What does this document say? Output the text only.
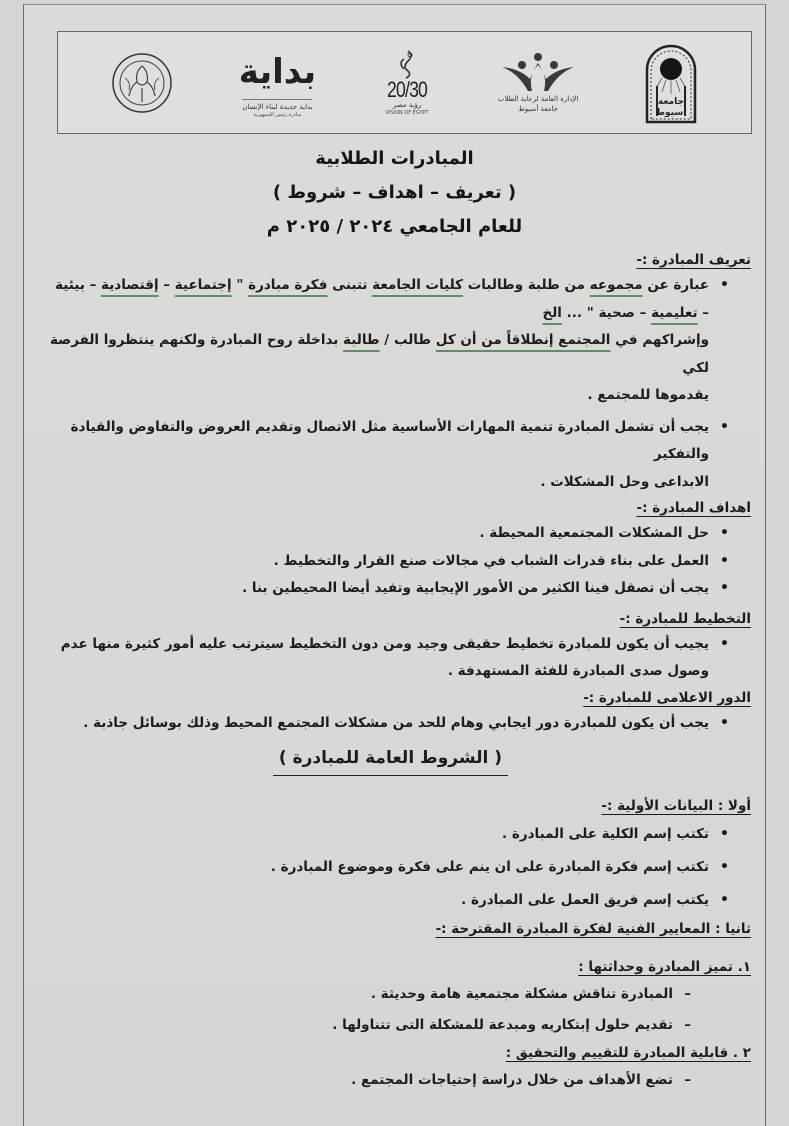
جامعة
أسيوط
الإدارة العامة لرعاية الطلاب
جامعة أسيوط
20/30
رؤية مصر
VISION OF EGYPT
بداية
بداية جديدة لبناء الإنسان
مبادرة رئيس الجمهورية
المبادرات الطلابية
( تعريف – اهداف – شروط )
للعام الجامعي ٢٠٢٤ / ٢٠٢٥ م
تعريف المبادرة :-
• عبارة عن مجموعه من طلبة وطالبات كليات الجامعة تتبنى فكرة مبادرة " إجتماعية – إقتصادية – بيئية
– تعليمية – صحية " ... الخ
وإشراكهم في المجتمع إنطلاقاً من أن كل طالب / طالبة بداخلة روح المبادرة ولكنهم ينتظروا الفرصة لكي
يقدموها للمجتمع .
• يجب أن تشمل المبادرة تنمية المهارات الأساسية مثل الاتصال وتقديم العروض والتفاوض والقيادة والتفكير
الابداعى وحل المشكلات .
اهداف المبادرة :-
• حل المشكلات المجتمعية المحيطة .
• العمل على بناء قدرات الشباب في مجالات صنع القرار والتخطيط .
• يجب أن تصقل فينا الكثير من الأمور الإيجابية وتفيد أيضا المحيطين بنا .
التخطيط للمبادرة :-
• يجيب أن يكون للمبادرة تخطيط حقيقى وجيد ومن دون التخطيط سيترتب عليه أمور كثيرة منها عدم
وصول صدى المبادرة للفئة المستهدفة .
الدور الاعلامى للمبادرة :-
• يجب أن يكون للمبادرة دور ايجابي وهام للحد من مشكلات المجتمع المحيط وذلك بوسائل جاذبة .
( الشروط العامة للمبادرة )
أولا : البيانات الأولية :-
• تكتب إسم الكلية على المبادرة .
• تكتب إسم فكرة المبادرة على ان ينم على فكرة وموضوع المبادرة .
• يكتب إسم فريق العمل على المبادرة .
ثانيا : المعايير الفنية لفكرة المبادرة المقترحة :-
١. تميز المبادرة وحداثتها :
– المبادرة تناقش مشكلة مجتمعية هامة وحديثة .
– تقديم حلول إبتكاريه ومبدعة للمشكلة التى تتناولها .
٢ . قابلية المبادرة للتقييم والتحقيق :
– تضع الأهداف من خلال دراسة إحتياجات المجتمع .
